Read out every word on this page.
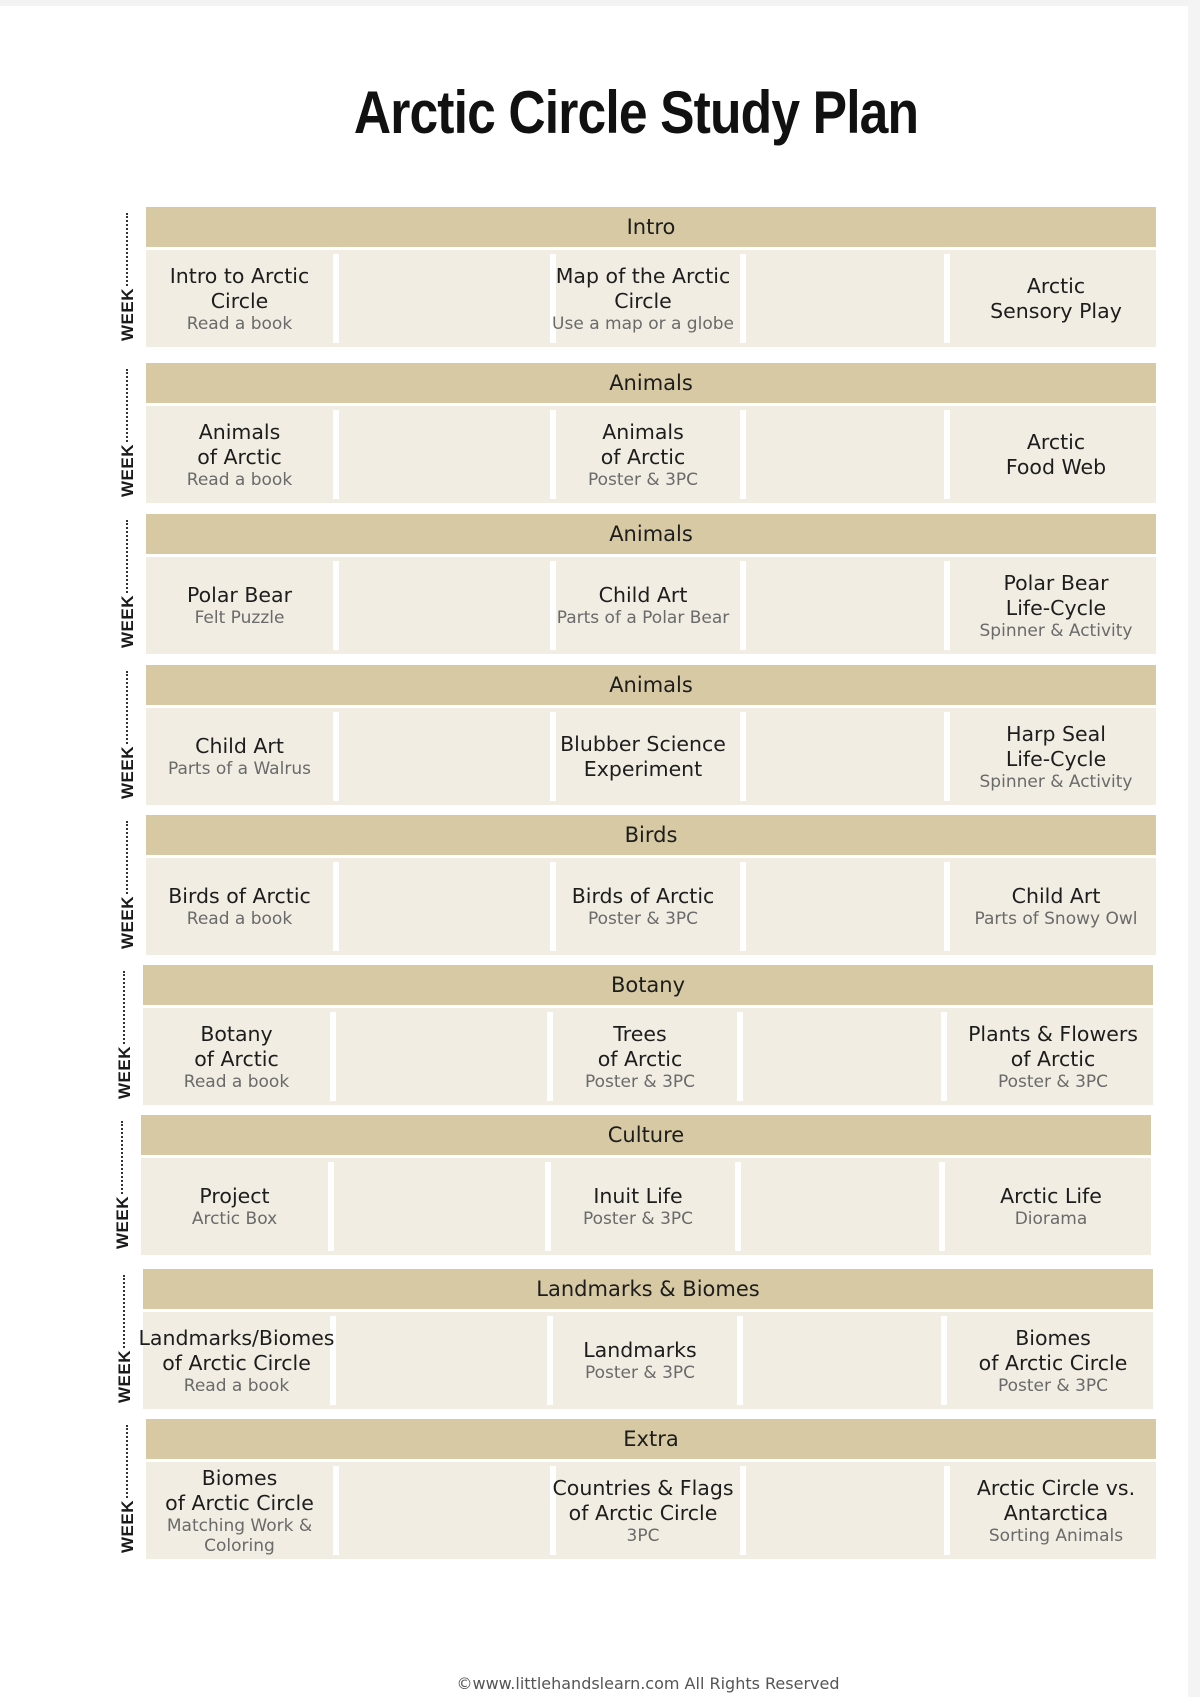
Arctic Circle Study Plan
WEEK
Intro
Intro to Arctic
Circle
Read a book
Map of the Arctic
Circle
Use a map or a globe
Arctic
Sensory Play
WEEK
Animals
Animals
of Arctic
Read a book
Animals
of Arctic
Poster & 3PC
Arctic
Food Web
WEEK
Animals
Polar Bear
Felt Puzzle
Child Art
Parts of a Polar Bear
Polar Bear
Life-Cycle
Spinner & Activity
WEEK
Animals
Child Art
Parts of a Walrus
Blubber Science
Experiment
Harp Seal
Life-Cycle
Spinner & Activity
WEEK
Birds
Birds of Arctic
Read a book
Birds of Arctic
Poster & 3PC
Child Art
Parts of Snowy Owl
WEEK
Botany
Botany
of Arctic
Read a book
Trees
of Arctic
Poster & 3PC
Plants & Flowers
of Arctic
Poster & 3PC
WEEK
Culture
Project
Arctic Box
Inuit Life
Poster & 3PC
Arctic Life
Diorama
WEEK
Landmarks & Biomes
Landmarks/Biomes
of Arctic Circle
Read a book
Landmarks
Poster & 3PC
Biomes
of Arctic Circle
Poster & 3PC
WEEK
Extra
Biomes
of Arctic Circle
Matching Work &
Coloring
Countries & Flags
of Arctic Circle
3PC
Arctic Circle vs.
Antarctica
Sorting Animals
©www.littlehandslearn.com All Rights Reserved
